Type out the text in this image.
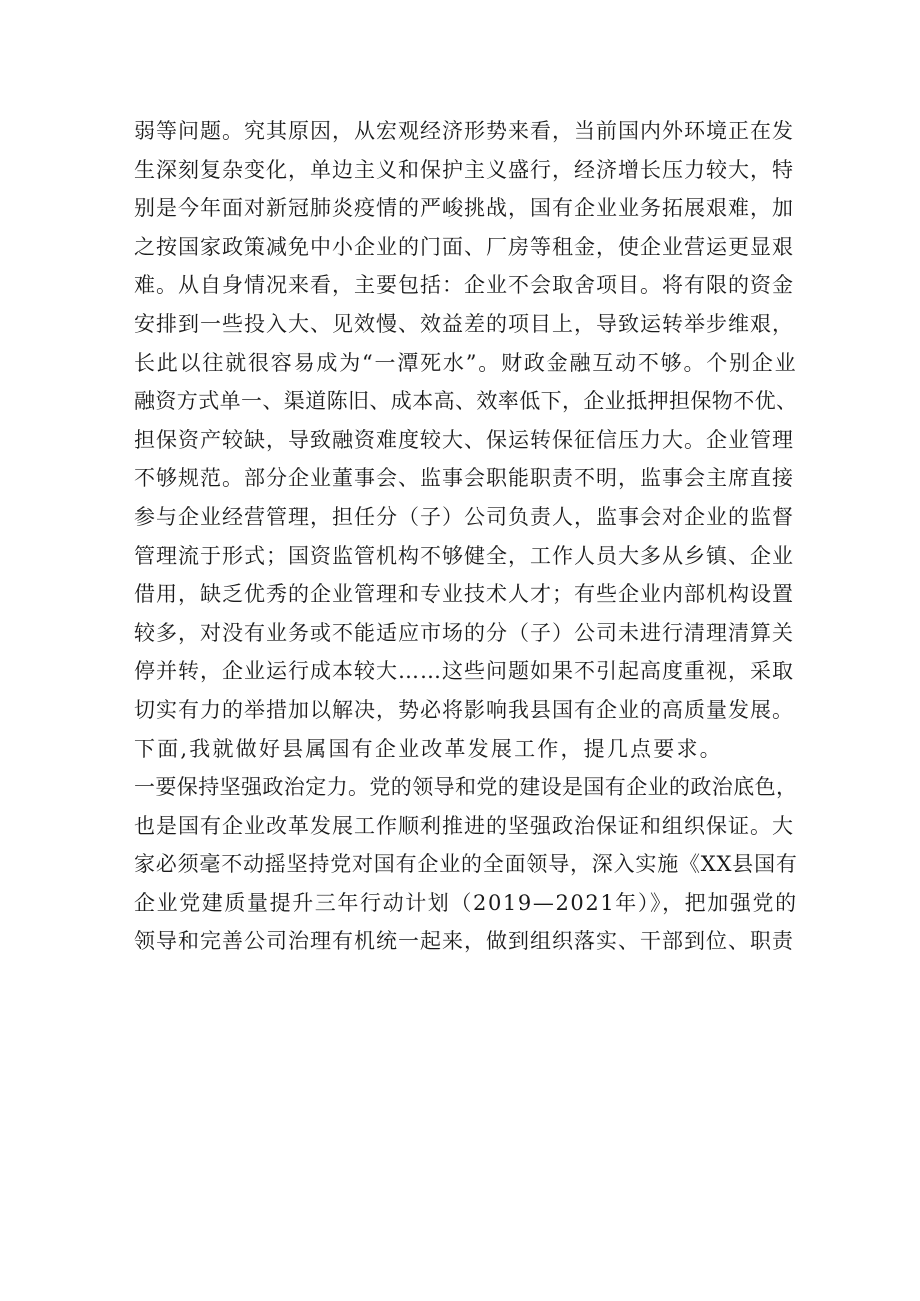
弱等问题。究其原因，从宏观经济形势来看，当前国内外环境正在发
生深刻复杂变化，单边主义和保护主义盛行，经济增长压力较大，特
别是今年面对新冠肺炎疫情的严峻挑战，国有企业业务拓展艰难，加
之按国家政策减免中小企业的门面、厂房等租金，使企业营运更显艰
难。从自身情况来看，主要包括：企业不会取舍项目。将有限的资金
安排到一些投入大、见效慢、效益差的项目上，导致运转举步维艰，
长此以往就很容易成为“一潭死水”。财政金融互动不够。个别企业
融资方式单一、渠道陈旧、成本高、效率低下，企业抵押担保物不优、
担保资产较缺，导致融资难度较大、保运转保征信压力大。企业管理
不够规范。部分企业董事会、监事会职能职责不明，监事会主席直接
参与企业经营管理，担任分（子）公司负责人，监事会对企业的监督
管理流于形式；国资监管机构不够健全，工作人员大多从乡镇、企业
借用，缺乏优秀的企业管理和专业技术人才；有些企业内部机构设置
较多，对没有业务或不能适应市场的分（子）公司未进行清理清算关
停并转，企业运行成本较大……这些问题如果不引起高度重视，采取
切实有力的举措加以解决，势必将影响我县国有企业的高质量发展。
下面,我就做好县属国有企业改革发展工作，提几点要求。
一要保持坚强政治定力。党的领导和党的建设是国有企业的政治底色，
也是国有企业改革发展工作顺利推进的坚强政治保证和组织保证。大
家必须毫不动摇坚持党对国有企业的全面领导，深入实施《XX县国有
企业党建质量提升三年行动计划（2019—2021年）》，把加强党的
领导和完善公司治理有机统一起来，做到组织落实、干部到位、职责
